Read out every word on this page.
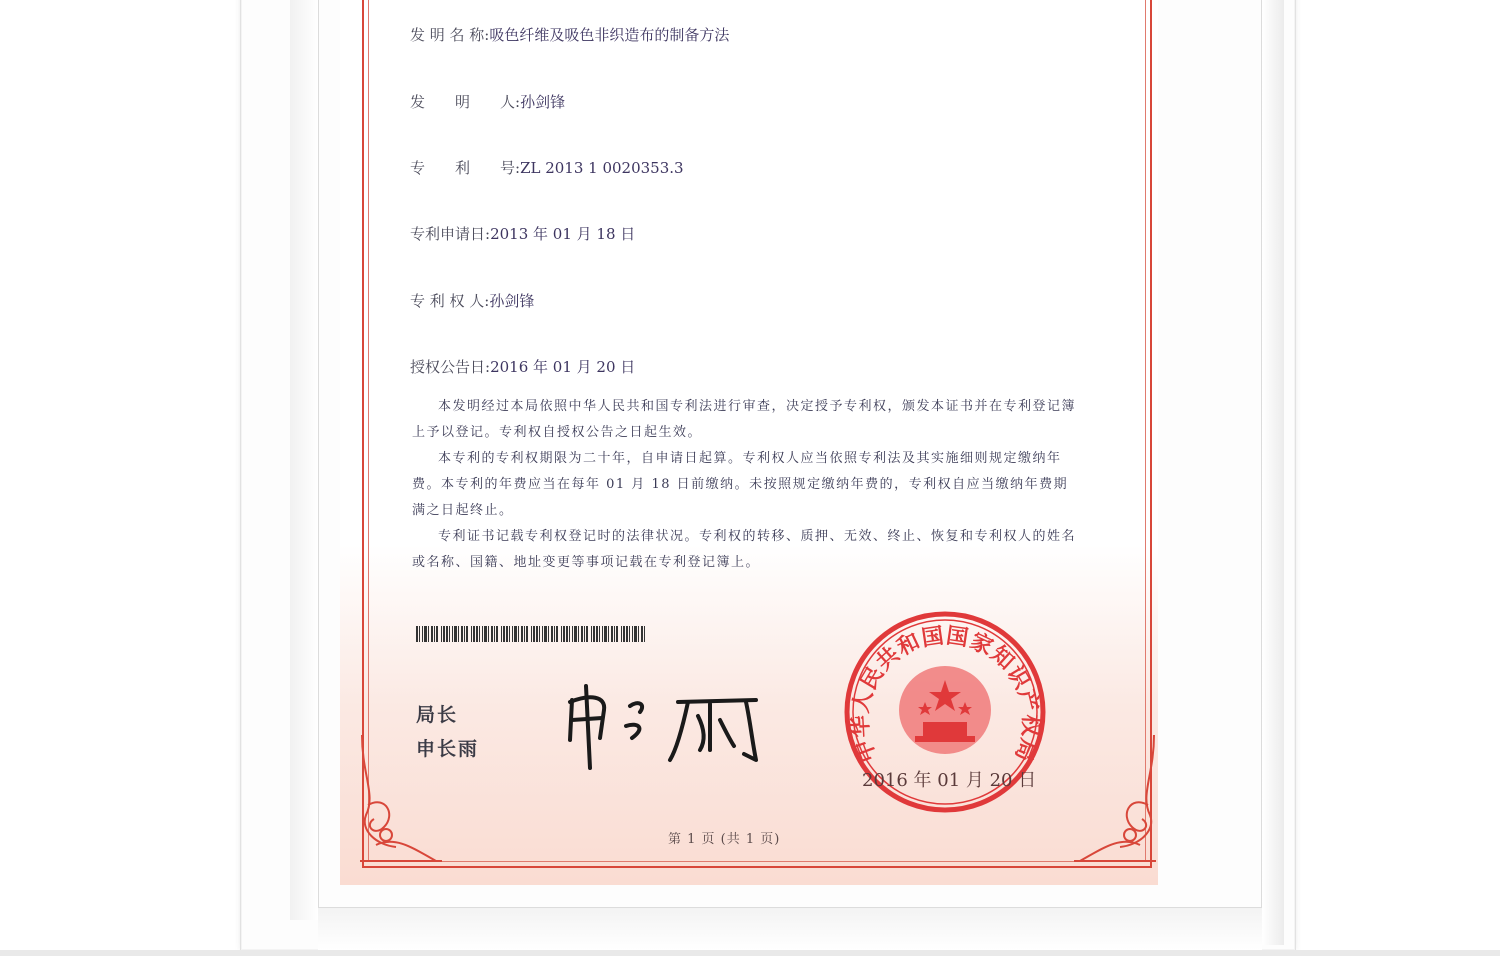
发 明 名 称:吸色纤维及吸色非织造布的制备方法
发　　明　　人:孙剑锋
专　　利　　号:ZL 2013 1 0020353.3
专利申请日:2013 年 01 月 18 日
专 利 权 人:孙剑锋
授权公告日:2016 年 01 月 20 日

本发明经过本局依照中华人民共和国专利法进行审查，决定授予专利权，颁发本证书并在专利登记簿上予以登记。专利权自授权公告之日起生效。

本专利的专利权期限为二十年，自申请日起算。专利权人应当依照专利法及其实施细则规定缴纳年费。本专利的年费应当在每年 01 月 18 日前缴纳。未按照规定缴纳年费的，专利权自应当缴纳年费期满之日起终止。

专利证书记载专利权登记时的法律状况。专利权的转移、质押、无效、终止、恢复和专利权人的姓名或名称、国籍、地址变更等事项记载在专利登记簿上。

局长
申长雨	中华人民共和国国家知识产权局
2016 年 01 月 20 日
第 1 页 (共 1 页)
